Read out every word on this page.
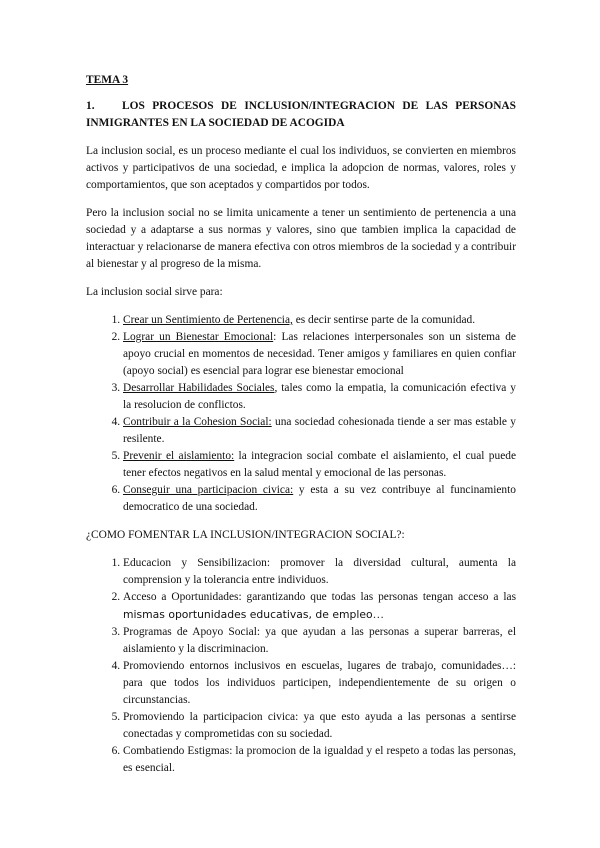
TEMA 3
1. LOS PROCESOS DE INCLUSION/INTEGRACION DE LAS PERSONAS INMIGRANTES EN LA SOCIEDAD DE ACOGIDA

La inclusion social, es un proceso mediante el cual los individuos, se convierten en miembros activos y participativos de una sociedad, e implica la adopcion de normas, valores, roles y comportamientos, que son aceptados y compartidos por todos.

Pero la inclusion social no se limita unicamente a tener un sentimiento de pertenencia a una sociedad y a adaptarse a sus normas y valores, sino que tambien implica la capacidad de interactuar y relacionarse de manera efectiva con otros miembros de la sociedad y a contribuir al bienestar y al progreso de la misma.

La inclusion social sirve para:

1. Crear un Sentimiento de Pertenencia, es decir sentirse parte de la comunidad.
2. Lograr un Bienestar Emocional: Las relaciones interpersonales son un sistema de apoyo crucial en momentos de necesidad. Tener amigos y familiares en quien confiar (apoyo social) es esencial para lograr ese bienestar emocional
3. Desarrollar Habilidades Sociales, tales como la empatia, la comunicación efectiva y la resolucion de conflictos.
4. Contribuir a la Cohesion Social: una sociedad cohesionada tiende a ser mas estable y resilente.
5. Prevenir el aislamiento: la integracion social combate el aislamiento, el cual puede tener efectos negativos en la salud mental y emocional de las personas.
6. Conseguir una participacion civica: y esta a su vez contribuye al funcinamiento democratico de una sociedad.

¿COMO FOMENTAR LA INCLUSION/INTEGRACION SOCIAL?:

1. Educacion y Sensibilizacion: promover la diversidad cultural, aumenta la comprension y la tolerancia entre individuos.
2. Acceso a Oportunidades: garantizando que todas las personas tengan acceso a las mismas oportunidades educativas, de empleo…
3. Programas de Apoyo Social: ya que ayudan a las personas a superar barreras, el aislamiento y la discriminacion.
4. Promoviendo entornos inclusivos en escuelas, lugares de trabajo, comunidades…: para que todos los individuos participen, independientemente de su origen o circunstancias.
5. Promoviendo la participacion civica: ya que esto ayuda a las personas a sentirse conectadas y comprometidas con su sociedad.
6. Combatiendo Estigmas: la promocion de la igualdad y el respeto a todas las personas, es esencial.
